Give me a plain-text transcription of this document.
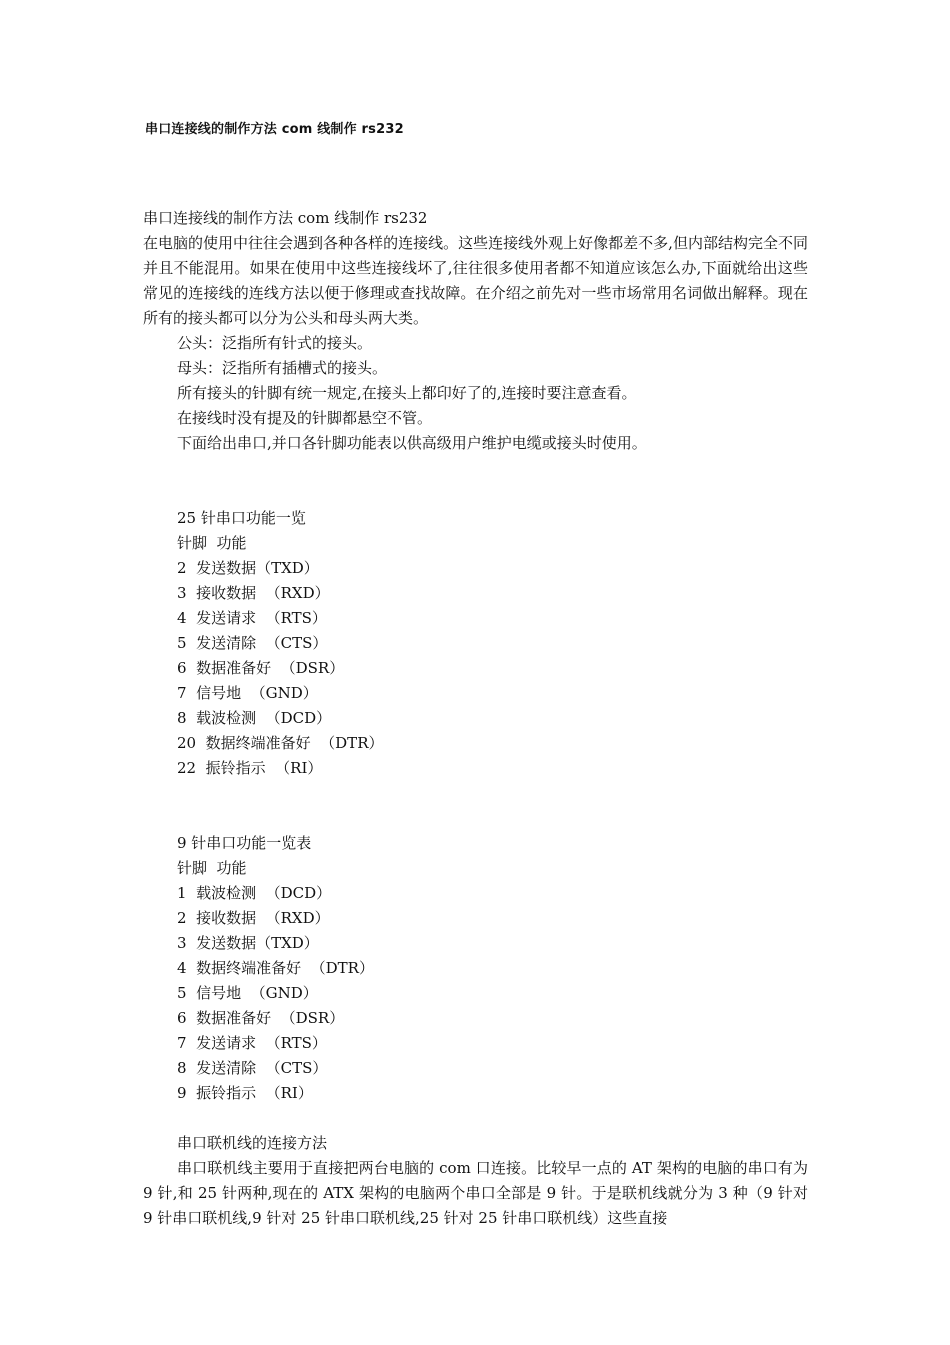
串口连接线的制作方法 com 线制作 rs232

串口连接线的制作方法 com 线制作 rs232

在电脑的使用中往往会遇到各种各样的连接线。这些连接线外观上好像都差不多,但内部结构完全不同并且不能混用。如果在使用中这些连接线坏了,往往很多使用者都不知道应该怎么办,下面就给出这些常见的连接线的连线方法以便于修理或查找故障。在介绍之前先对一些市场常用名词做出解释。现在所有的接头都可以分为公头和母头两大类。

公头：泛指所有针式的接头。

母头：泛指所有插槽式的接头。

所有接头的针脚有统一规定,在接头上都印好了的,连接时要注意查看。

在接线时没有提及的针脚都悬空不管。

下面给出串口,并口各针脚功能表以供高级用户维护电缆或接头时使用。

25 针串口功能一览

针脚  功能

2  发送数据（TXD）
3  接收数据  （RXD）
4  发送请求  （RTS）
5  发送清除  （CTS）
6  数据准备好  （DSR）
7  信号地  （GND）
8  载波检测  （DCD）
20  数据终端准备好  （DTR）
22  振铃指示  （RI）

9 针串口功能一览表

针脚  功能

1  载波检测  （DCD）
2  接收数据  （RXD）
3  发送数据（TXD）
4  数据终端准备好  （DTR）
5  信号地  （GND）
6  数据准备好  （DSR）
7  发送请求  （RTS）
8  发送清除  （CTS）
9  振铃指示  （RI）

串口联机线的连接方法

串口联机线主要用于直接把两台电脑的 com 口连接。比较早一点的 AT 架构的电脑的串口有为 9 针,和 25 针两种,现在的 ATX 架构的电脑两个串口全部是 9 针。于是联机线就分为 3 种（9 针对 9 针串口联机线,9 针对 25 针串口联机线,25 针对 25 针串口联机线）这些直接
